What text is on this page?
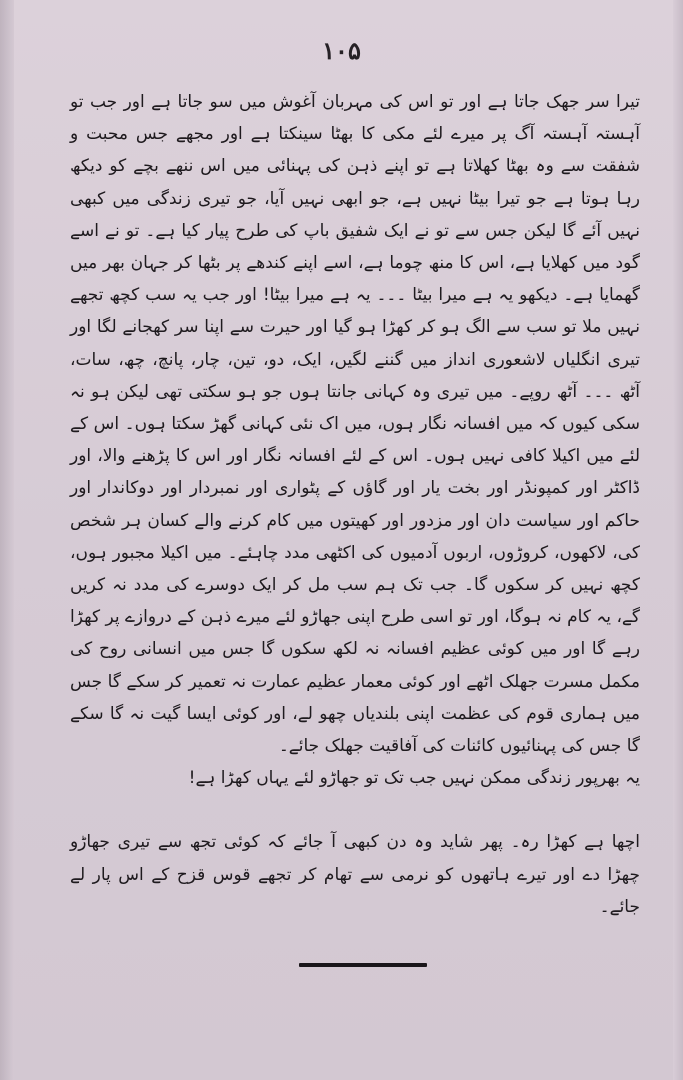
۱۰۵

تیرا سر جھک جاتا ہے اور تو اس کی مہربان آغوش میں سو جاتا ہے اور جب تو آہستہ آہستہ آگ پر میرے لئے مکی کا بھٹا سینکتا ہے اور مجھے جس محبت و شفقت سے وہ بھٹا کھلاتا ہے تو اپنے ذہن کی پہنائی میں اس ننھے بچے کو دیکھ رہا ہوتا ہے جو تیرا بیٹا نہیں ہے، جو ابھی نہیں آیا، جو تیری زندگی میں کبھی نہیں آئے گا لیکن جس سے تو نے ایک شفیق باپ کی طرح پیار کیا ہے۔ تو نے اسے گود میں کھلایا ہے، اس کا منھ چوما ہے، اسے اپنے کندھے پر بٹھا کر جہان بھر میں گھمایا ہے۔ دیکھو یہ ہے میرا بیٹا ۔۔۔ یہ ہے میرا بیٹا! اور جب یہ سب کچھ تجھے نہیں ملا تو سب سے الگ ہو کر کھڑا ہو گیا اور حیرت سے اپنا سر کھجانے لگا اور تیری انگلیاں لاشعوری انداز میں گننے لگیں، ایک، دو، تین، چار، پانچ، چھ، سات، آٹھ ۔۔۔ آٹھ روپے۔ میں تیری وہ کہانی جانتا ہوں جو ہو سکتی تھی لیکن ہو نہ سکی کیوں کہ میں افسانہ نگار ہوں، میں اک نئی کہانی گھڑ سکتا ہوں۔ اس کے لئے میں اکیلا کافی نہیں ہوں۔ اس کے لئے افسانہ نگار اور اس کا پڑھنے والا، اور ڈاکٹر اور کمپونڈر اور بخت یار اور گاؤں کے پٹواری اور نمبردار اور دوکاندار اور حاکم اور سیاست دان اور مزدور اور کھیتوں میں کام کرنے والے کسان ہر شخص کی، لاکھوں، کروڑوں، اربوں آدمیوں کی اکٹھی مدد چاہئے۔ میں اکیلا مجبور ہوں، کچھ نہیں کر سکوں گا۔ جب تک ہم سب مل کر ایک دوسرے کی مدد نہ کریں گے، یہ کام نہ ہوگا، اور تو اسی طرح اپنی جھاڑو لئے میرے ذہن کے دروازے پر کھڑا رہے گا اور میں کوئی عظیم افسانہ نہ لکھ سکوں گا جس میں انسانی روح کی مکمل مسرت جھلک اٹھے اور کوئی معمار عظیم عمارت نہ تعمیر کر سکے گا جس میں ہماری قوم کی عظمت اپنی بلندیاں چھو لے، اور کوئی ایسا گیت نہ گا سکے گا جس کی پہنائیوں کائنات کی آفاقیت جھلک جائے۔

یہ بھرپور زندگی ممکن نہیں جب تک تو جھاڑو لئے یہاں کھڑا ہے!

اچھا ہے کھڑا رہ۔ پھر شاید وہ دن کبھی آ جائے کہ کوئی تجھ سے تیری جھاڑو چھڑا دے اور تیرے ہاتھوں کو نرمی سے تھام کر تجھے قوس قزح کے اس پار لے جائے۔
